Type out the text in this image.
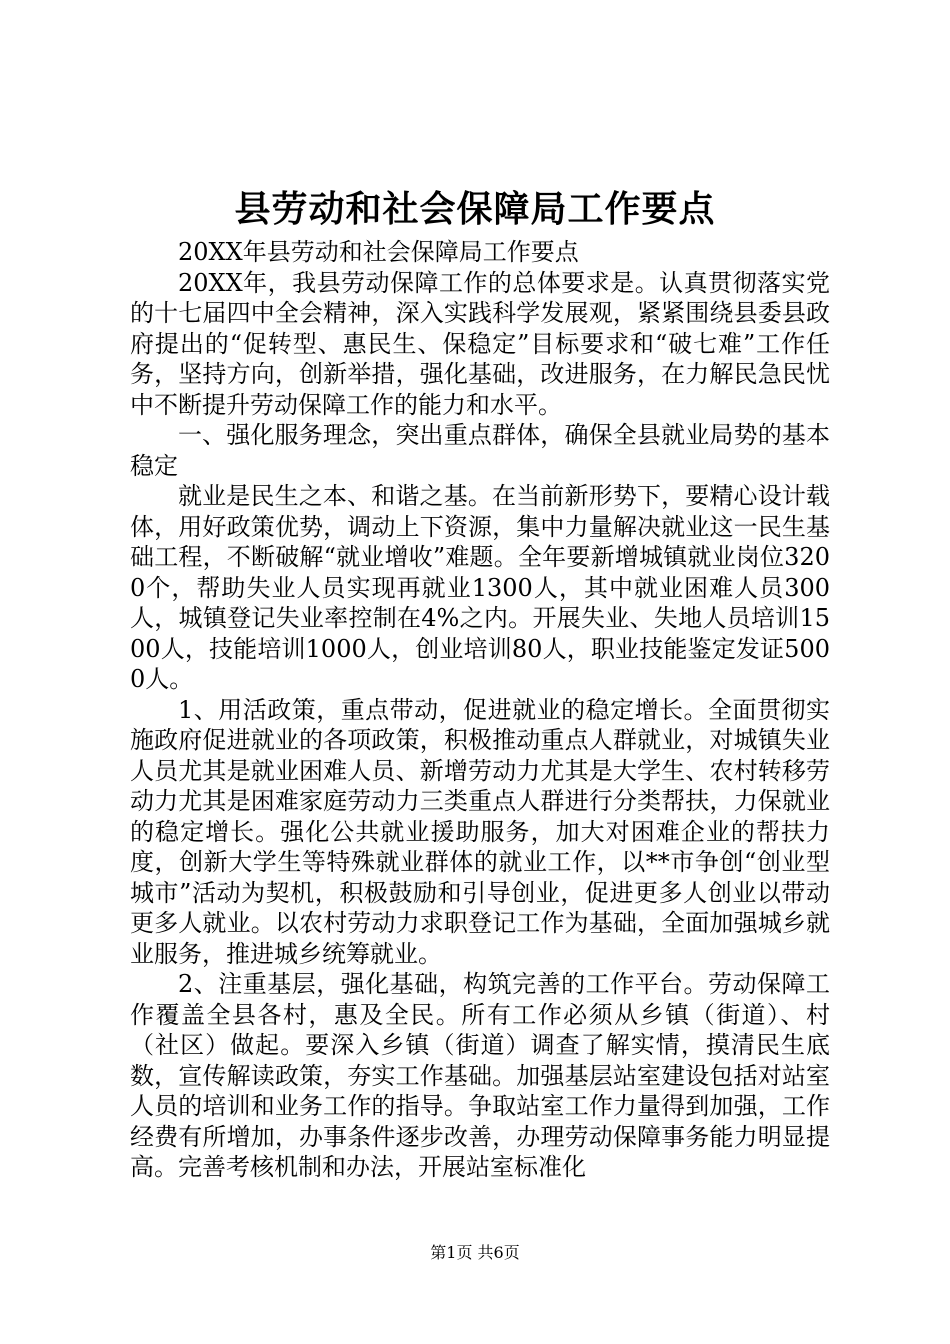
县劳动和社会保障局工作要点

20XX年县劳动和社会保障局工作要点

20XX年，我县劳动保障工作的总体要求是。认真贯彻落实党的十七届四中全会精神，深入实践科学发展观，紧紧围绕县委县政府提出的“促转型、惠民生、保稳定”目标要求和“破七难”工作任务，坚持方向，创新举措，强化基础，改进服务，在力解民急民忧中不断提升劳动保障工作的能力和水平。

一、强化服务理念，突出重点群体，确保全县就业局势的基本稳定

就业是民生之本、和谐之基。在当前新形势下，要精心设计载体，用好政策优势，调动上下资源，集中力量解决就业这一民生基础工程，不断破解“就业增收”难题。全年要新增城镇就业岗位3200个，帮助失业人员实现再就业1300人，其中就业困难人员300人，城镇登记失业率控制在4%之内。开展失业、失地人员培训1500人，技能培训1000人，创业培训80人，职业技能鉴定发证5000人。

1、用活政策，重点带动，促进就业的稳定增长。全面贯彻实施政府促进就业的各项政策，积极推动重点人群就业，对城镇失业人员尤其是就业困难人员、新增劳动力尤其是大学生、农村转移劳动力尤其是困难家庭劳动力三类重点人群进行分类帮扶，力保就业的稳定增长。强化公共就业援助服务，加大对困难企业的帮扶力度，创新大学生等特殊就业群体的就业工作，以**市争创“创业型城市”活动为契机，积极鼓励和引导创业，促进更多人创业以带动更多人就业。以农村劳动力求职登记工作为基础，全面加强城乡就业服务，推进城乡统筹就业。

2、注重基层，强化基础，构筑完善的工作平台。劳动保障工作覆盖全县各村，惠及全民。所有工作必须从乡镇（街道）、村（社区）做起。要深入乡镇（街道）调查了解实情，摸清民生底数，宣传解读政策，夯实工作基础。加强基层站室建设包括对站室人员的培训和业务工作的指导。争取站室工作力量得到加强，工作经费有所增加，办事条件逐步改善，办理劳动保障事务能力明显提高。完善考核机制和办法，开展站室标准化

第1页 共6页
